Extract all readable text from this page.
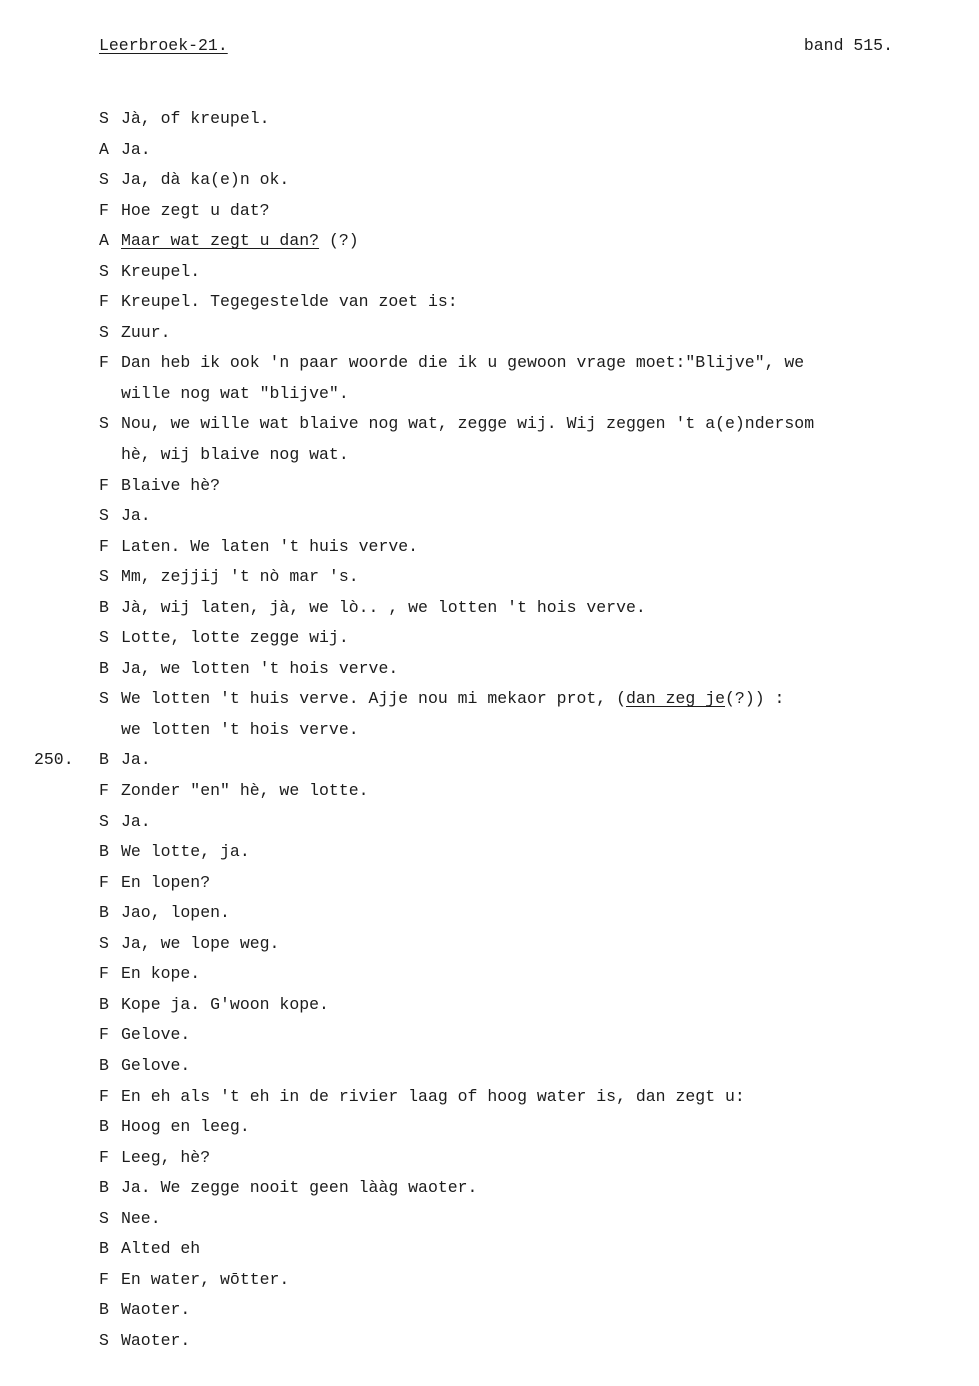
Leerbroek-21.	band 515.
S Jà, of kreupel.
A Ja.
S Ja, dà ka(e)n ok.
F Hoe zegt u dat?
A Maar wat zegt u dan? (?)
S Kreupel.
F Kreupel. Tegegestelde van zoet is:
S Zuur.
F Dan heb ik ook 'n paar woorde die ik u gewoon vrage moet:"Blijve", we
wille nog wat "blijve".
S Nou, we wille wat blaive nog wat, zegge wij. Wij zeggen 't a(e)ndersom
hè, wij blaive nog wat.
F Blaive hè?
S Ja.
F Laten. We laten 't huis verve.
S Mm, zejjij 't nò mar 's.
B Jà, wij laten, jà, we lò.. , we lotten 't hois verve.
S Lotte, lotte zegge wij.
B Ja, we lotten 't hois verve.
S We lotten 't huis verve. Ajje nou mi mekaor prot, (dan zeg je(?)) :
we lotten 't hois verve.
250. B Ja.
F Zonder "en" hè, we lotte.
S Ja.
B We lotte, ja.
F En lopen?
B Jao, lopen.
S Ja, we lope weg.
F En kope.
B Kope ja. G'woon kope.
F Gelove.
B Gelove.
F En eh als 't eh in de rivier laag of hoog water is, dan zegt u:
B Hoog en leeg.
F Leeg, hè?
B Ja. We zegge nooit geen lààg waoter.
S Nee.
B Alted eh
F En water, wōtter.
B Waoter.
S Waoter.
